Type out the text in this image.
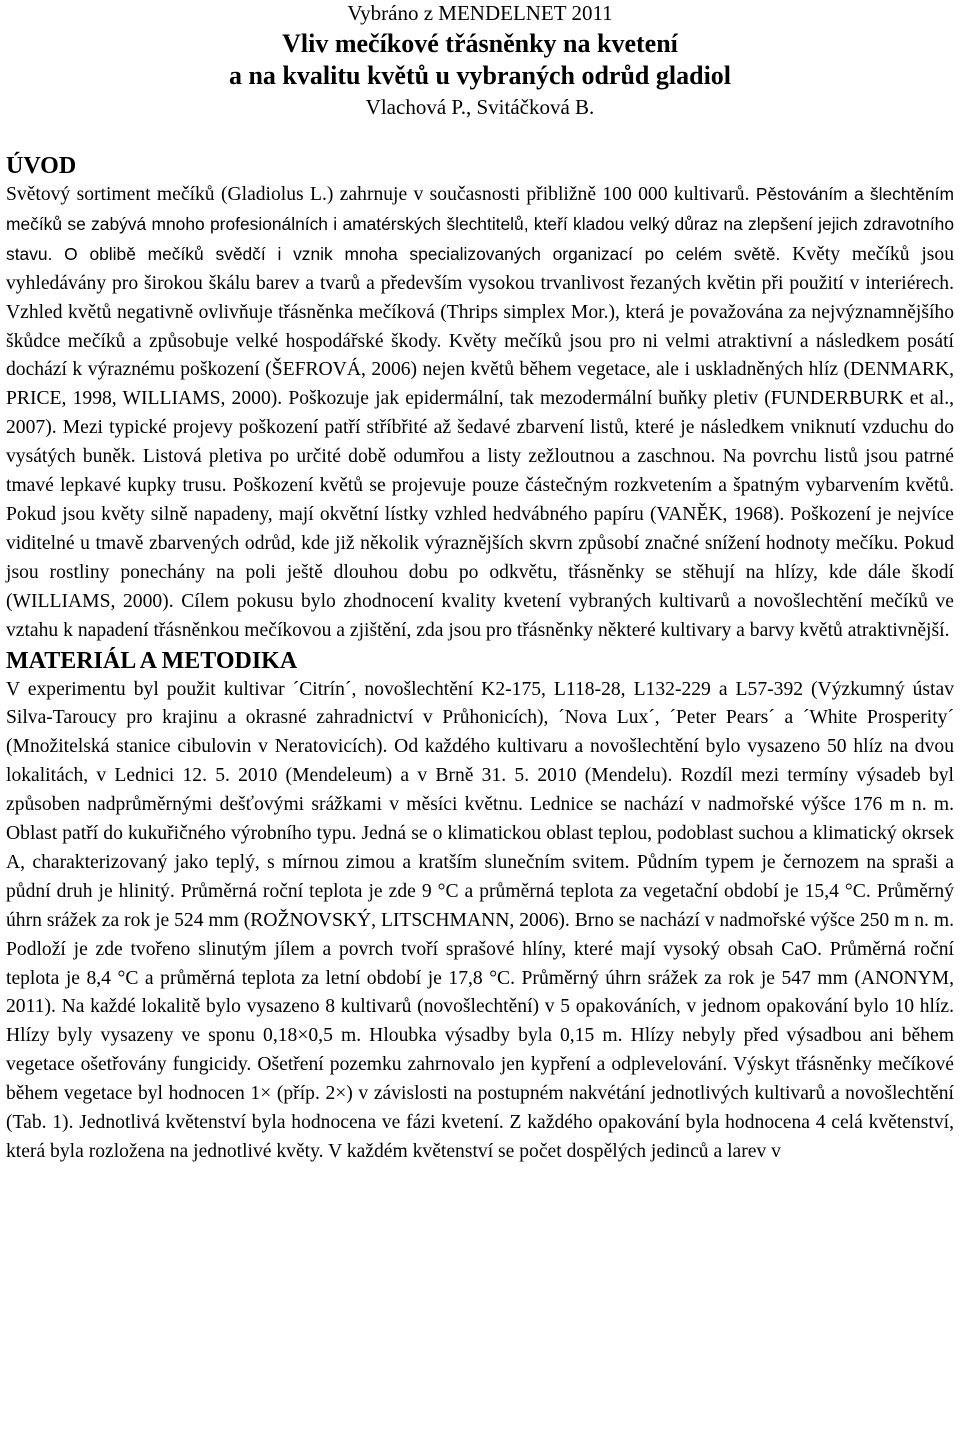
Vybráno z MENDELNET 2011
Vliv mečíkové třásněnky na kvetení
a na kvalitu květů u vybraných odrůd gladiol
Vlachová P., Svitáčková B.
ÚVOD

Světový sortiment mečíků (Gladiolus L.) zahrnuje v současnosti přibližně 100 000 kultivarů. Pěstováním a šlechtěním mečíků se zabývá mnoho profesionálních i amatérských šlechtitelů, kteří kladou velký důraz na zlepšení jejich zdravotního stavu. O oblibě mečíků svědčí i vznik mnoha specializovaných organizací po celém světě. Květy mečíků jsou vyhledávány pro širokou škálu barev a tvarů a především vysokou trvanlivost řezaných květin při použití v interiérech. Vzhled květů negativně ovlivňuje třásněnka mečíková (Thrips simplex Mor.), která je považována za nejvýznamnějšího škůdce mečíků a způsobuje velké hospodářské škody. Květy mečíků jsou pro ni velmi atraktivní a následkem posátí dochází k výraznému poškození (ŠEFROVÁ, 2006) nejen květů během vegetace, ale i uskladněných hlíz (DENMARK, PRICE, 1998, WILLIAMS, 2000). Poškozuje jak epidermální, tak mezodermální buňky pletiv (FUNDERBURK et al., 2007). Mezi typické projevy poškození patří stříbřité až šedavé zbarvení listů, které je následkem vniknutí vzduchu do vysátých buněk. Listová pletiva po určité době odumřou a listy zežloutnou a zaschnou. Na povrchu listů jsou patrné tmavé lepkavé kupky trusu. Poškození květů se projevuje pouze částečným rozkvetením a špatným vybarvením květů. Pokud jsou květy silně napadeny, mají okvětní lístky vzhled hedvábného papíru (VANĚK, 1968). Poškození je nejvíce viditelné u tmavě zbarvených odrůd, kde již několik výraznějších skvrn způsobí značné snížení hodnoty mečíku. Pokud jsou rostliny ponechány na poli ještě dlouhou dobu po odkvětu, třásněnky se stěhují na hlízy, kde dále škodí (WILLIAMS, 2000). Cílem pokusu bylo zhodnocení kvality kvetení vybraných kultivarů a novošlechtění mečíků ve vztahu k napadení třásněnkou mečíkovou a zjištění, zda jsou pro třásněnky některé kultivary a barvy květů atraktivnější.

MATERIÁL A METODIKA

V experimentu byl použit kultivar ´Citrín´, novošlechtění K2-175, L118-28, L132-229 a L57-392 (Výzkumný ústav Silva-Taroucy pro krajinu a okrasné zahradnictví v Průhonicích), ´Nova Lux´, ´Peter Pears´ a ´White Prosperity´ (Množitelská stanice cibulovin v Neratovicích). Od každého kultivaru a novošlechtění bylo vysazeno 50 hlíz na dvou lokalitách, v Lednici 12. 5. 2010 (Mendeleum) a v Brně 31. 5. 2010 (Mendelu). Rozdíl mezi termíny výsadeb byl způsoben nadprůměrnými dešťovými srážkami v měsíci květnu. Lednice se nachází v nadmořské výšce 176 m n. m. Oblast patří do kukuřičného výrobního typu. Jedná se o klimatickou oblast teplou, podoblast suchou a klimatický okrsek A, charakterizovaný jako teplý, s mírnou zimou a kratším slunečním svitem. Půdním typem je černozem na spraši a půdní druh je hlinitý. Průměrná roční teplota je zde 9 °C a průměrná teplota za vegetační období je 15,4 °C. Průměrný úhrn srážek za rok je 524 mm (ROŽNOVSKÝ, LITSCHMANN, 2006). Brno se nachází v nadmořské výšce 250 m n. m. Podloží je zde tvořeno slinutým jílem a povrch tvoří sprašové hlíny, které mají vysoký obsah CaO. Průměrná roční teplota je 8,4 °C a průměrná teplota za letní období je 17,8 °C. Průměrný úhrn srážek za rok je 547 mm (ANONYM, 2011). Na každé lokalitě bylo vysazeno 8 kultivarů (novošlechtění) v 5 opakováních, v jednom opakování bylo 10 hlíz. Hlízy byly vysazeny ve sponu 0,18×0,5 m. Hloubka výsadby byla 0,15 m. Hlízy nebyly před výsadbou ani během vegetace ošetřovány fungicidy. Ošetření pozemku zahrnovalo jen kypření a odplevelování. Výskyt třásněnky mečíkové během vegetace byl hodnocen 1× (příp. 2×) v závislosti na postupném nakvétání jednotlivých kultivarů a novošlechtění (Tab. 1). Jednotlivá květenství byla hodnocena ve fázi kvetení. Z každého opakování byla hodnocena 4 celá květenství, která byla rozložena na jednotlivé květy. V každém květenství se počet dospělých jedinců a larev v
